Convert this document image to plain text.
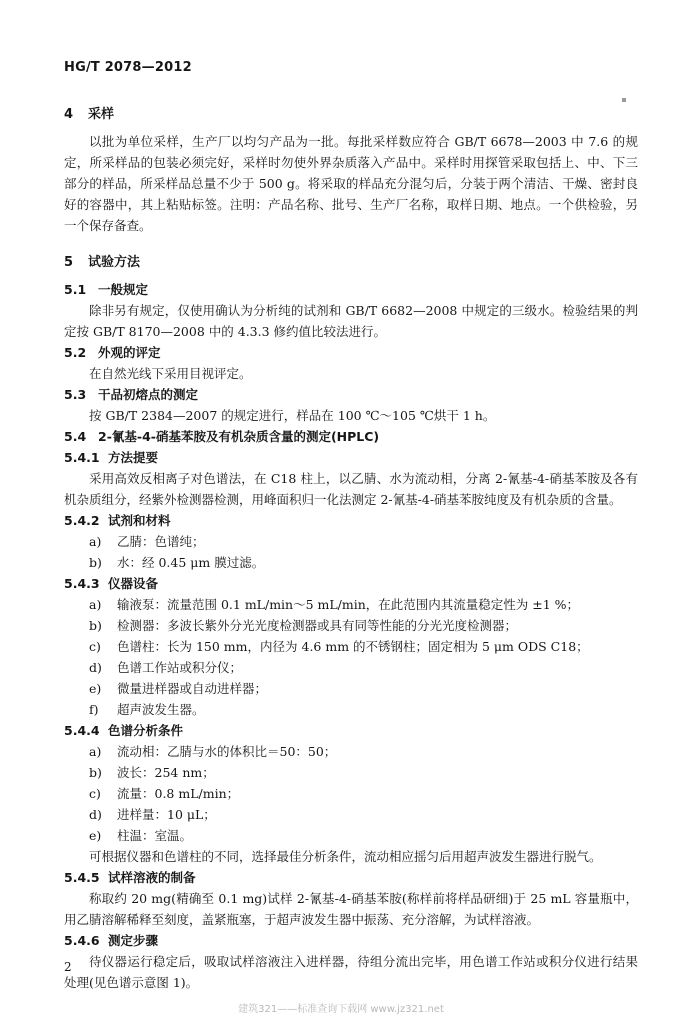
HG/T 2078—2012
4 采样

以批为单位采样，生产厂以均匀产品为一批。每批采样数应符合 GB/T 6678—2003 中 7.6 的规定，所采样品的包装必须完好，采样时勿使外界杂质落入产品中。采样时用探管采取包括上、中、下三部分的样品，所采样品总量不少于 500 g。将采取的样品充分混匀后，分装于两个清洁、干燥、密封良好的容器中，其上粘贴标签。注明：产品名称、批号、生产厂名称，取样日期、地点。一个供检验，另一个保存备查。

5 试验方法
5.1 一般规定

除非另有规定，仅使用确认为分析纯的试剂和 GB/T 6682—2008 中规定的三级水。检验结果的判定按 GB/T 8170—2008 中的 4.3.3 修约值比较法进行。

5.2 外观的评定

在自然光线下采用目视评定。

5.3 干品初熔点的测定

按 GB/T 2384—2007 的规定进行，样品在 100 ℃～105 ℃烘干 1 h。

5.4 2-氰基-4-硝基苯胺及有机杂质含量的测定(HPLC)
5.4.1 方法提要

采用高效反相离子对色谱法，在 C18 柱上，以乙腈、水为流动相，分离 2-氰基-4-硝基苯胺及各有机杂质组分，经紫外检测器检测，用峰面积归一化法测定 2-氰基-4-硝基苯胺纯度及有机杂质的含量。

5.4.2 试剂和材料
a) 乙腈：色谱纯；
b) 水：经 0.45 μm 膜过滤。
5.4.3 仪器设备
a) 输液泵：流量范围 0.1 mL/min～5 mL/min，在此范围内其流量稳定性为 ±1 %；
b) 检测器：多波长紫外分光光度检测器或具有同等性能的分光光度检测器；
c) 色谱柱：长为 150 mm，内径为 4.6 mm 的不锈钢柱；固定相为 5 μm ODS C18；
d) 色谱工作站或积分仪；
e) 微量进样器或自动进样器；
f) 超声波发生器。
5.4.4 色谱分析条件
a) 流动相：乙腈与水的体积比＝50：50；
b) 波长：254 nm；
c) 流量：0.8 mL/min；
d) 进样量：10 μL；
e) 柱温：室温。

可根据仪器和色谱柱的不同，选择最佳分析条件，流动相应摇匀后用超声波发生器进行脱气。

5.4.5 试样溶液的制备

称取约 20 mg(精确至 0.1 mg)试样 2-氰基-4-硝基苯胺(称样前将样品研细)于 25 mL 容量瓶中，用乙腈溶解稀释至刻度，盖紧瓶塞，于超声波发生器中振荡、充分溶解，为试样溶液。

5.4.6 测定步骤

待仪器运行稳定后，吸取试样溶液注入进样器，待组分流出完毕，用色谱工作站或积分仪进行结果处理(见色谱示意图 1)。

2
建筑321——标准查询下载网 www.jz321.net
